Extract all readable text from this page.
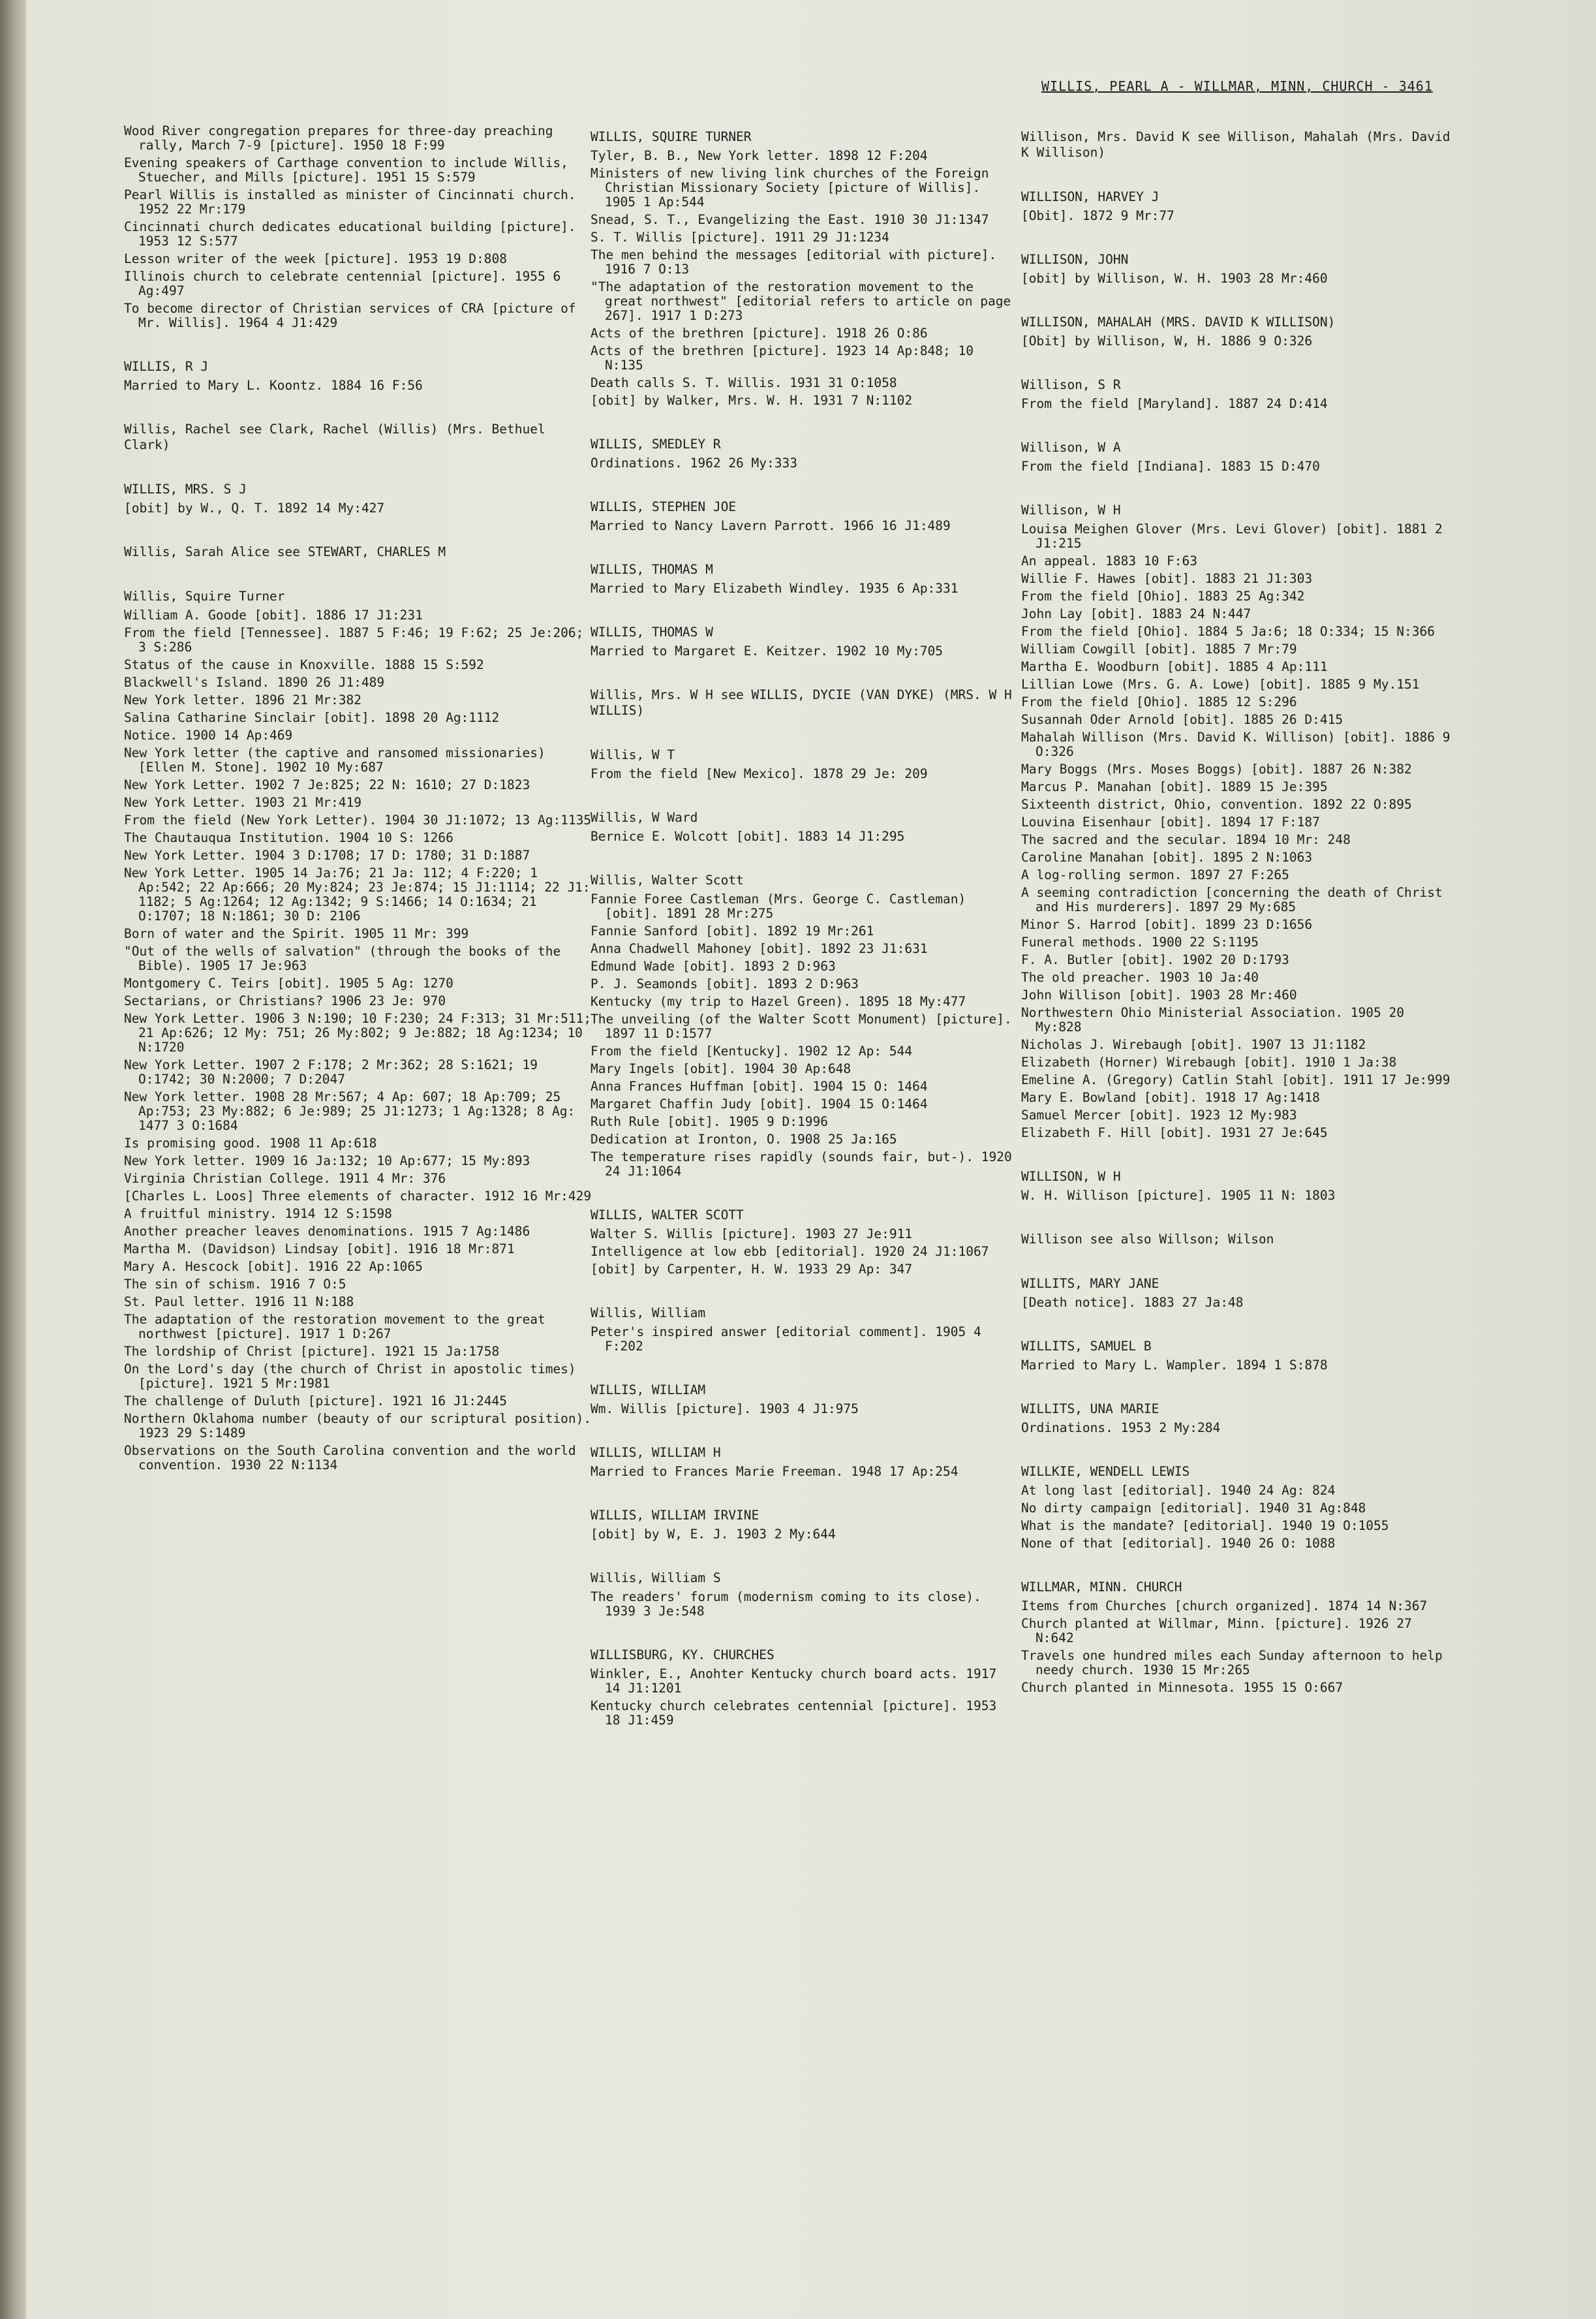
WILLIS, PEARL A - WILLMAR, MINN, CHURCH - 3461
Wood River congregation prepares for three-day preaching rally, March 7-9 [picture]. 1950 18 F:99
Evening speakers of Carthage convention to include Willis, Stuecher, and Mills [picture]. 1951 15 S:579
Pearl Willis is installed as minister of Cincinnati church. 1952 22 Mr:179
Cincinnati church dedicates educational building [picture]. 1953 12 S:577
Lesson writer of the week [picture]. 1953 19 D:808
Illinois church to celebrate centennial [picture]. 1955 6 Ag:497
To become director of Christian services of CRA [picture of Mr. Willis]. 1964 4 J1:429
WILLIS, R J
Married to Mary L. Koontz. 1884 16 F:56
Willis, Rachel see Clark, Rachel (Willis) (Mrs. Bethuel Clark)
WILLIS, MRS. S J
[obit] by W., Q. T. 1892 14 My:427
Willis, Sarah Alice see STEWART, CHARLES M
Willis, Squire Turner
William A. Goode [obit]. 1886 17 J1:231
From the field [Tennessee]. 1887 5 F:46; 19 F:62; 25 Je:206; 3 S:286
Status of the cause in Knoxville. 1888 15 S:592
Blackwell's Island. 1890 26 J1:489
New York letter. 1896 21 Mr:382
Salina Catharine Sinclair [obit]. 1898 20 Ag:1112
Notice. 1900 14 Ap:469
New York letter (the captive and ransomed missionaries) [Ellen M. Stone]. 1902 10 My:687
New York Letter. 1902 7 Je:825; 22 N: 1610; 27 D:1823
New York Letter. 1903 21 Mr:419
From the field (New York Letter). 1904 30 J1:1072; 13 Ag:1135
The Chautauqua Institution. 1904 10 S: 1266
New York Letter. 1904 3 D:1708; 17 D: 1780; 31 D:1887
New York Letter. 1905 14 Ja:76; 21 Ja: 112; 4 F:220; 1 Ap:542; 22 Ap:666; 20 My:824; 23 Je:874; 15 J1:1114; 22 J1: 1182; 5 Ag:1264; 12 Ag:1342; 9 S:1466; 14 O:1634; 21 O:1707; 18 N:1861; 30 D: 2106
Born of water and the Spirit. 1905 11 Mr: 399
"Out of the wells of salvation" (through the books of the Bible). 1905 17 Je:963
Montgomery C. Teirs [obit]. 1905 5 Ag: 1270
Sectarians, or Christians? 1906 23 Je: 970
New York Letter. 1906 3 N:190; 10 F:230; 24 F:313; 31 Mr:511; 21 Ap:626; 12 My: 751; 26 My:802; 9 Je:882; 18 Ag:1234; 10 N:1720
New York Letter. 1907 2 F:178; 2 Mr:362; 28 S:1621; 19 O:1742; 30 N:2000; 7 D:2047
New York letter. 1908 28 Mr:567; 4 Ap: 607; 18 Ap:709; 25 Ap:753; 23 My:882; 6 Je:989; 25 J1:1273; 1 Ag:1328; 8 Ag: 1477 3 O:1684
Is promising good. 1908 11 Ap:618
New York letter. 1909 16 Ja:132; 10 Ap:677; 15 My:893
Virginia Christian College. 1911 4 Mr: 376
[Charles L. Loos] Three elements of character. 1912 16 Mr:429
A fruitful ministry. 1914 12 S:1598
Another preacher leaves denominations. 1915 7 Ag:1486
Martha M. (Davidson) Lindsay [obit]. 1916 18 Mr:871
Mary A. Hescock [obit]. 1916 22 Ap:1065
The sin of schism. 1916 7 O:5
St. Paul letter. 1916 11 N:188
The adaptation of the restoration movement to the great northwest [picture]. 1917 1 D:267
The lordship of Christ [picture]. 1921 15 Ja:1758
On the Lord's day (the church of Christ in apostolic times) [picture]. 1921 5 Mr:1981
The challenge of Duluth [picture]. 1921 16 J1:2445
Northern Oklahoma number (beauty of our scriptural position). 1923 29 S:1489
Observations on the South Carolina convention and the world convention. 1930 22 N:1134
WILLIS, SQUIRE TURNER
Tyler, B. B., New York letter. 1898 12 F:204
Ministers of new living link churches of the Foreign Christian Missionary Society [picture of Willis]. 1905 1 Ap:544
Snead, S. T., Evangelizing the East. 1910 30 J1:1347
S. T. Willis [picture]. 1911 29 J1:1234
The men behind the messages [editorial with picture]. 1916 7 O:13
"The adaptation of the restoration movement to the great northwest" [editorial refers to article on page 267]. 1917 1 D:273
Acts of the brethren [picture]. 1918 26 O:86
Acts of the brethren [picture]. 1923 14 Ap:848; 10 N:135
Death calls S. T. Willis. 1931 31 O:1058
[obit] by Walker, Mrs. W. H. 1931 7 N:1102
WILLIS, SMEDLEY R
Ordinations. 1962 26 My:333
WILLIS, STEPHEN JOE
Married to Nancy Lavern Parrott. 1966 16 J1:489
WILLIS, THOMAS M
Married to Mary Elizabeth Windley. 1935 6 Ap:331
WILLIS, THOMAS W
Married to Margaret E. Keitzer. 1902 10 My:705
Willis, Mrs. W H see WILLIS, DYCIE (VAN DYKE) (MRS. W H WILLIS)
Willis, W T
From the field [New Mexico]. 1878 29 Je: 209
Willis, W Ward
Bernice E. Wolcott [obit]. 1883 14 J1:295
Willis, Walter Scott
Fannie Foree Castleman (Mrs. George C. Castleman) [obit]. 1891 28 Mr:275
Fannie Sanford [obit]. 1892 19 Mr:261
Anna Chadwell Mahoney [obit]. 1892 23 J1:631
Edmund Wade [obit]. 1893 2 D:963
P. J. Seamonds [obit]. 1893 2 D:963
Kentucky (my trip to Hazel Green). 1895 18 My:477
The unveiling (of the Walter Scott Monument) [picture]. 1897 11 D:1577
From the field [Kentucky]. 1902 12 Ap: 544
Mary Ingels [obit]. 1904 30 Ap:648
Anna Frances Huffman [obit]. 1904 15 O: 1464
Margaret Chaffin Judy [obit]. 1904 15 O:1464
Ruth Rule [obit]. 1905 9 D:1996
Dedication at Ironton, O. 1908 25 Ja:165
The temperature rises rapidly (sounds fair, but-). 1920 24 J1:1064
WILLIS, WALTER SCOTT
Walter S. Willis [picture]. 1903 27 Je:911
Intelligence at low ebb [editorial]. 1920 24 J1:1067
[obit] by Carpenter, H. W. 1933 29 Ap: 347
Willis, William
Peter's inspired answer [editorial comment]. 1905 4 F:202
WILLIS, WILLIAM
Wm. Willis [picture]. 1903 4 J1:975
WILLIS, WILLIAM H
Married to Frances Marie Freeman. 1948 17 Ap:254
WILLIS, WILLIAM IRVINE
[obit] by W, E. J. 1903 2 My:644
Willis, William S
The readers' forum (modernism coming to its close). 1939 3 Je:548
WILLISBURG, KY. CHURCHES
Winkler, E., Anohter Kentucky church board acts. 1917 14 J1:1201
Kentucky church celebrates centennial [picture]. 1953 18 J1:459
Willison, Mrs. David K see Willison, Mahalah (Mrs. David K Willison)
WILLISON, HARVEY J
[Obit]. 1872 9 Mr:77
WILLISON, JOHN
[obit] by Willison, W. H. 1903 28 Mr:460
WILLISON, MAHALAH (MRS. DAVID K WILLISON)
[Obit] by Willison, W, H. 1886 9 O:326
Willison, S R
From the field [Maryland]. 1887 24 D:414
Willison, W A
From the field [Indiana]. 1883 15 D:470
Willison, W H
Louisa Meighen Glover (Mrs. Levi Glover) [obit]. 1881 2 J1:215
An appeal. 1883 10 F:63
Willie F. Hawes [obit]. 1883 21 J1:303
From the field [Ohio]. 1883 25 Ag:342
John Lay [obit]. 1883 24 N:447
From the field [Ohio]. 1884 5 Ja:6; 18 O:334; 15 N:366
William Cowgill [obit]. 1885 7 Mr:79
Martha E. Woodburn [obit]. 1885 4 Ap:111
Lillian Lowe (Mrs. G. A. Lowe) [obit]. 1885 9 My.151
From the field [Ohio]. 1885 12 S:296
Susannah Oder Arnold [obit]. 1885 26 D:415
Mahalah Willison (Mrs. David K. Willison) [obit]. 1886 9 O:326
Mary Boggs (Mrs. Moses Boggs) [obit]. 1887 26 N:382
Marcus P. Manahan [obit]. 1889 15 Je:395
Sixteenth district, Ohio, convention. 1892 22 O:895
Louvina Eisenhaur [obit]. 1894 17 F:187
The sacred and the secular. 1894 10 Mr: 248
Caroline Manahan [obit]. 1895 2 N:1063
A log-rolling sermon. 1897 27 F:265
A seeming contradiction [concerning the death of Christ and His murderers]. 1897 29 My:685
Minor S. Harrod [obit]. 1899 23 D:1656
Funeral methods. 1900 22 S:1195
F. A. Butler [obit]. 1902 20 D:1793
The old preacher. 1903 10 Ja:40
John Willison [obit]. 1903 28 Mr:460
Northwestern Ohio Ministerial Association. 1905 20 My:828
Nicholas J. Wirebaugh [obit]. 1907 13 J1:1182
Elizabeth (Horner) Wirebaugh [obit]. 1910 1 Ja:38
Emeline A. (Gregory) Catlin Stahl [obit]. 1911 17 Je:999
Mary E. Bowland [obit]. 1918 17 Ag:1418
Samuel Mercer [obit]. 1923 12 My:983
Elizabeth F. Hill [obit]. 1931 27 Je:645
WILLISON, W H
W. H. Willison [picture]. 1905 11 N: 1803
Willison see also Willson; Wilson
WILLITS, MARY JANE
[Death notice]. 1883 27 Ja:48
WILLITS, SAMUEL B
Married to Mary L. Wampler. 1894 1 S:878
WILLITS, UNA MARIE
Ordinations. 1953 2 My:284
WILLKIE, WENDELL LEWIS
At long last [editorial]. 1940 24 Ag: 824
No dirty campaign [editorial]. 1940 31 Ag:848
What is the mandate? [editorial]. 1940 19 O:1055
None of that [editorial]. 1940 26 O: 1088
WILLMAR, MINN. CHURCH
Items from Churches [church organized]. 1874 14 N:367
Church planted at Willmar, Minn. [picture]. 1926 27 N:642
Travels one hundred miles each Sunday afternoon to help needy church. 1930 15 Mr:265
Church planted in Minnesota. 1955 15 O:667
